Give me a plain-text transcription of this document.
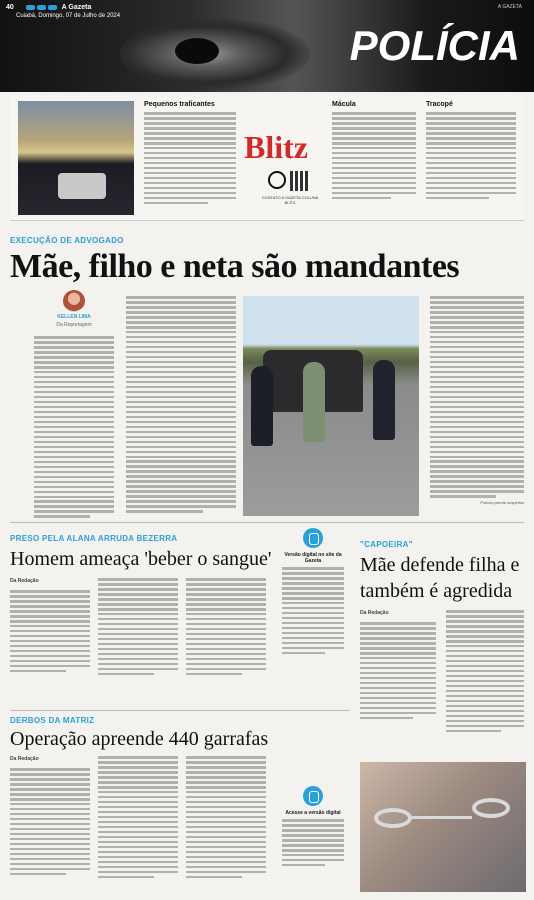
40	A Gazeta
Cuiabá, Domingo, 07 de Julho de 2024
A GAZETA
POLÍCIA
Pequenos traficantes
Blitz
CONTATO A GAZETA COLUNA BLITZ
Mácula	Tracopé
EXECUÇÃO DE ADVOGADO
Mãe, filho e neta são mandantes
KELLEN LIMA
Da Reportagem
Polícia prende suspeitos
PRESO PELA ALANA ARRUDA BEZERRA
Homem ameaça 'beber o sangue'
Da Redação
Versão digital no site da Gazeta
DERBOS DA MATRIZ
Operação apreende 440 garrafas
Da Redação
Acesse a versão digital
"CAPOEIRA"
Mãe defende filha e
também é agredida
Da Redação
